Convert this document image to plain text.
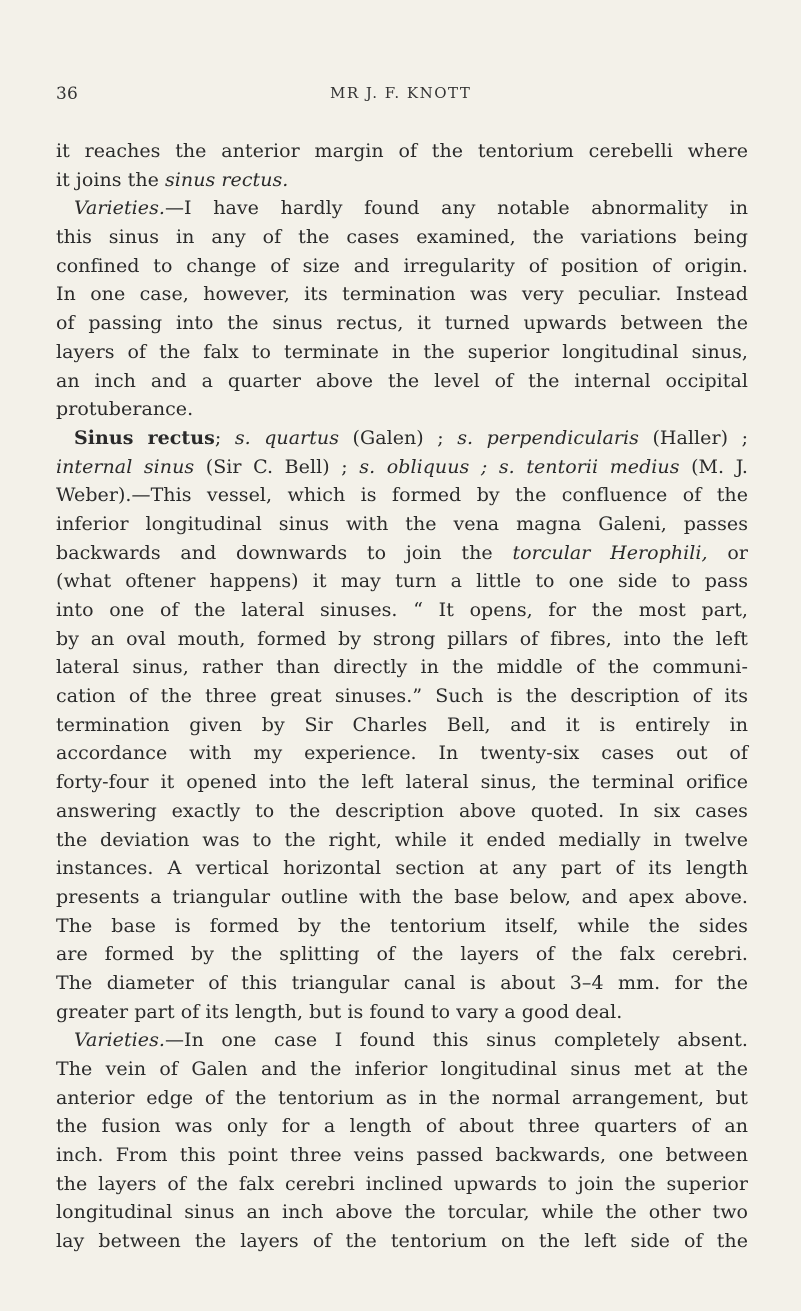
36	MR J. F. KNOTT
it reaches the anterior margin of the tentorium cerebelli where
it joins the sinus rectus.
Varieties.—I have hardly found any notable abnormality in
this sinus in any of the cases examined, the variations being
confined to change of size and irregularity of position of origin.
In one case, however, its termination was very peculiar. Instead
of passing into the sinus rectus, it turned upwards between the
layers of the falx to terminate in the superior longitudinal sinus,
an inch and a quarter above the level of the internal occipital
protuberance.
Sinus rectus; s. quartus (Galen) ; s. perpendicularis (Haller) ;
internal sinus (Sir C. Bell) ; s. obliquus ; s. tentorii medius (M. J.
Weber).—This vessel, which is formed by the confluence of the
inferior longitudinal sinus with the vena magna Galeni, passes
backwards and downwards to join the torcular Herophili, or
(what oftener happens) it may turn a little to one side to pass
into one of the lateral sinuses. “ It opens, for the most part,
by an oval mouth, formed by strong pillars of fibres, into the left
lateral sinus, rather than directly in the middle of the communi-
cation of the three great sinuses.” Such is the description of its
termination given by Sir Charles Bell, and it is entirely in
accordance with my experience. In twenty-six cases out of
forty-four it opened into the left lateral sinus, the terminal orifice
answering exactly to the description above quoted. In six cases
the deviation was to the right, while it ended medially in twelve
instances. A vertical horizontal section at any part of its length
presents a triangular outline with the base below, and apex above.
The base is formed by the tentorium itself, while the sides
are formed by the splitting of the layers of the falx cerebri.
The diameter of this triangular canal is about 3–4 mm. for the
greater part of its length, but is found to vary a good deal.
Varieties.—In one case I found this sinus completely absent.
The vein of Galen and the inferior longitudinal sinus met at the
anterior edge of the tentorium as in the normal arrangement, but
the fusion was only for a length of about three quarters of an
inch. From this point three veins passed backwards, one between
the layers of the falx cerebri inclined upwards to join the superior
longitudinal sinus an inch above the torcular, while the other two
lay between the layers of the tentorium on the left side of the
